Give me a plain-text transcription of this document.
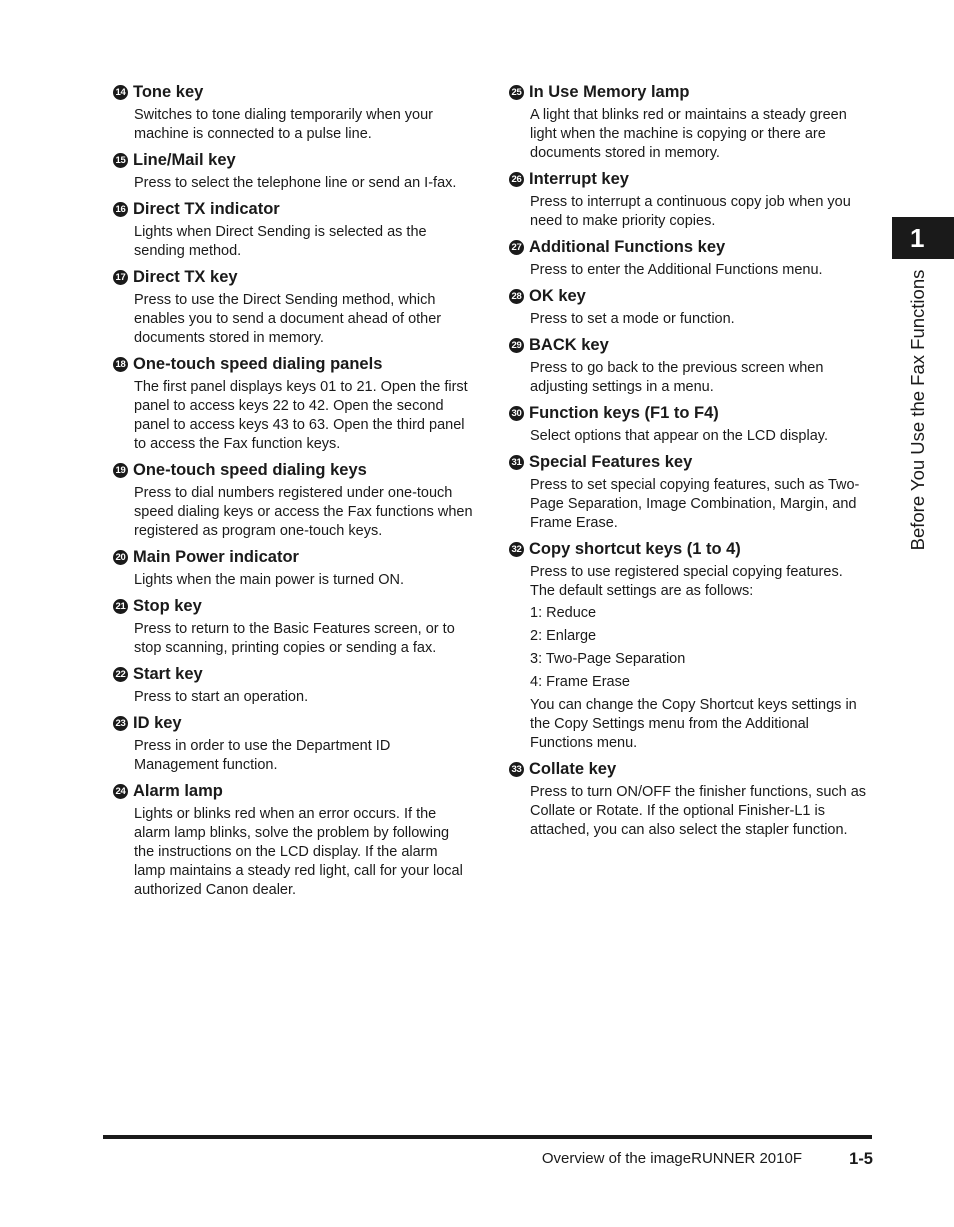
14 Tone key

Switches to tone dialing temporarily when your machine is connected to a pulse line.

15 Line/Mail key

Press to select the telephone line or send an I-fax.

16 Direct TX indicator

Lights when Direct Sending is selected as the sending method.

17 Direct TX key

Press to use the Direct Sending method, which enables you to send a document ahead of other documents stored in memory.

18 One-touch speed dialing panels

The first panel displays keys 01 to 21. Open the first panel to access keys 22 to 42. Open the second panel to access keys 43 to 63. Open the third panel to access the Fax function keys.

19 One-touch speed dialing keys

Press to dial numbers registered under one-touch speed dialing keys or access the Fax functions when registered as program one-touch keys.

20 Main Power indicator

Lights when the main power is turned ON.

21 Stop key

Press to return to the Basic Features screen, or to stop scanning, printing copies or sending a fax.

22 Start key

Press to start an operation.

23 ID key

Press in order to use the Department ID Management function.

24 Alarm lamp

Lights or blinks red when an error occurs. If the alarm lamp blinks, solve the problem by following the instructions on the LCD display. If the alarm lamp maintains a steady red light, call for your local authorized Canon dealer.

25 In Use Memory lamp

A light that blinks red or maintains a steady green light when the machine is copying or there are documents stored in memory.

26 Interrupt key

Press to interrupt a continuous copy job when you need to make priority copies.

27 Additional Functions key

Press to enter the Additional Functions menu.

28 OK key

Press to set a mode or function.

29 BACK key

Press to go back to the previous screen when adjusting settings in a menu.

30 Function keys (F1 to F4)

Select options that appear on the LCD display.

31 Special Features key

Press to set special copying features, such as Two-Page Separation, Image Combination, Margin, and Frame Erase.

32 Copy shortcut keys (1 to 4)

Press to use registered special copying features. The default settings are as follows:

1: Reduce

2: Enlarge

3: Two-Page Separation

4: Frame Erase

You can change the Copy Shortcut keys settings in the Copy Settings menu from the Additional Functions menu.

33 Collate key

Press to turn ON/OFF the finisher functions, such as Collate or Rotate. If the optional Finisher-L1 is attached, you can also select the stapler function.

1
Before You Use the Fax Functions
Overview of the imageRUNNER 2010F	1-5
